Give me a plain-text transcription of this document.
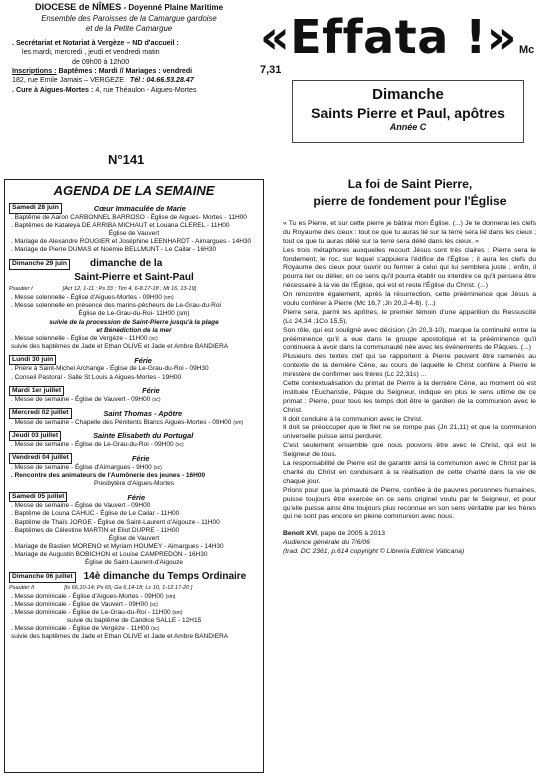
DIOCESE de NÎMES - Doyenné Plaine Maritime
Ensemble des Paroisses de la Camargue gardoise
et de la Petite Camargue
. Secrétariat et Notariat à Vergèze – ND d'accueil :
les mardi, mercredi , jeudi et vendredi matin
de 09h00 à 12h00
Inscriptions : Baptêmes : Mardi // Mariages : vendredi
182, rue Emile Jamais – VERGEZE Tél : 04.66.53.28.47
. Cure à Aigues-Mortes : 4, rue Théaulon - Aigues-Mortes
«Effata !» Mc 7,31
Dimanche
Saints Pierre et Paul, apôtres
Année C
N°141
AGENDA DE LA SEMAINE
Samedi 28 juin	Cœur Immaculée de Marie
. Baptême de Aaron CARBONNEL BARROSO - Église de Aigues- Mortes - 11H00
. Baptêmes de Kataleya DE ARRIBA MICHAUT et Louana CLEREL - 11H00
Église de Vauvert
. Mariage de Alexandre ROUGIER et Joséphine LEENHARDT - Aimargues - 14H30
. Mariage de Pierre DUMAS et Noémie BELLMUNT - Le Cailar - 16H30
Dimanche 29 juin	dimanche de la
Saint-Pierre et Saint-Paul
Psautier I	[Act 12, 1-11 ; Ps 33 ; Tim 4, 6-8.17-18 ; Mt 16, 13-19]
. Messe solennelle - Église d'Aigues-Mortes - 09H00 (sm)
. Messe solennelle en présence des marins-pêcheurs de Le-Grau-du-Roi
Église de Le-Grau-du-Roi- 11H00 (sm)
suivie de la procession de Saint-Pierre jusqu'à la plage
et Bénédiction de la mer
. Messe solennelle - Église de Vergèze - 11H00 (sc)
suivie des baptêmes de Jade et Ethan OLIVE et Jade et Ambre BANDIERA
Lundi 30 juin	Férie
. Prière à Saint-Michel Archange - Église de Le-Grau-du-Roi - 09H30
. Conseil Pastoral - Salle St Louis à Aigues-Mortes - 19H00
Mardi 1er juillet	Férie
. Messe de semaine - Église de Vauvert - 09H00 (sc)
Mercredi 02 juillet	Saint Thomas - Apôtre
. Messe de semaine - Chapelle des Pénitents Blancs Aigues-Mortes - 09H00 (sm)
Jeudi 03 juillet	Sainte Elisabeth du Portugal
. Messe de semaine - Église de Le-Grau-du-Roi - 09H00 (sc)
Vendredi 04 juillet	Férie
. Messe de semaine - Église d'Aimargues - 9H00 (sc)
. Rencontre des animateurs de l'Aumônerie des jeunes - 16H00
Presbytère d'Aigues-Mortes
Samedi 05 juillet	Férie
. Messe de semaine - Église de Vauvert - 09H00
. Baptême de Louna CAHUC - Église de Le Cailar - 11H00
. Baptême de Thaïs JORGE - Église de Saint-Laurent d'Aigouze - 11H00
. Baptêmes de Célestine MARTIN et Eliot DUPRE - 11H00
Église de Vauvert
. Mariage de Bastien MORENO et Myriam HOUMEY - Aimargues - 14H30
. Mariage de Augustin BOBICHON et Louise CAMPREDON - 16H30
Église de Saint-Laurent-d'Aigouze
Dimanche 06 juillet	14è dimanche du Temps Ordinaire
Psautier II	[Is 66,10-14; Ps 65; Ga 6,14-18; Lc 10, 1-12.17-20 ]
. Messe dominicale - Église d'Aigues-Mortes - 09H00 (sm)
. Messe dominicale - Église de Vauvert - 09H00 (sc)
. Messe dominicale - Église de Le-Grau-du-Roi - 11H00 (sm)
suivie du baptême de Candice SALLE - 12H15
. Messe dominicale - Église de Vergèze - 11H00 (sc)
suivie des baptêmes de Jade et Ethan OLIVE et Jade et Ambre BANDIERA
La foi de Saint Pierre,
pierre de fondement pour l'Église

« Tu es Pierre, et sur cette pierre je bâtirai mon Église. (...) Je te donnerai les clefs du Royaume des cieux : tout ce que tu auras lié sur la terre sera lié dans les cieux ; tout ce que tu auras délié sur la terre sera délié dans les cieux. »

Les trois métaphores auxquelles recourt Jésus sont très claires : Pierre sera le fondement, le roc, sur lequel s'appuiera l'édifice de l'Église ; il aura les clefs du Royaume des cieux pour ouvrir ou fermer à celui qui lui semblera juste ; enfin, il pourra lier ou délier, en ce sens qu'il pourra établir ou interdire ce qu'il pensera être nécessaire à la vie de l'Église, qui est et reste l'Église du Christ. (...)

On rencontre également, après la résurrection, cette prééminence que Jésus a voulu conférer à Pierre (Mc 16,7 ;Jn 20,2-4-6). (...)

Pierre sera, parmi les apôtres, le premier témoin d'une apparition du Ressuscité (Lc 24,34 ;1Co 15,5).

Son rôle, qui est souligné avec décision (Jn 20,3-10), marque la continuité entre la prééminence qu'il a eue dans le groupe apostolique et la prééminence qu'il continuera à avoir dans la communauté née avec les événements de Pâques. (...)

Plusieurs des textes clef qui se rapportent à Pierre peuvent être ramenés au contexte de la dernière Cène, au cours de laquelle le Christ confère à Pierre le ministère de confirmer ses frères (Lc 22,31s) ...

Cette contextualisation du primat de Pierre à la dernière Cène, au moment où est instituée l'Eucharistie, Pâque du Seigneur, indique en plus le sens ultime de ce primat : Pierre, pour tous les temps doit être le gardien de la communion avec le Christ.

Il doit conduire à la communion avec le Christ.

Il doit se préoccuper que le filet ne se rompe pas (Jn 21,11) et que la communion universelle puisse ainsi perdurer.

C'est seulement ensemble que nous pouvons être avec le Christ, qui est le Seigneur de tous.

La responsabilité de Pierre est de garantir ainsi la communion avec le Christ par la charité du Christ en conduisant à la réalisation de cette charité dans la vie de chaque jour.

Prions pour que la primauté de Pierre, confiée à de pauvres personnes humaines, puisse toujours être exercée en ce sens originel voulu par le Seigneur, et pour qu'elle puisse ainsi être toujours plus reconnue en son sens véritable par les frères qui ne sont pas encore en pleine communion avec nous.

Benoît XVI, pape de 2005 à 2013
Audience générale du 7/6/06
(trad. DC 2361, p.614 copyright © Libreria Editrice Vaticana)
